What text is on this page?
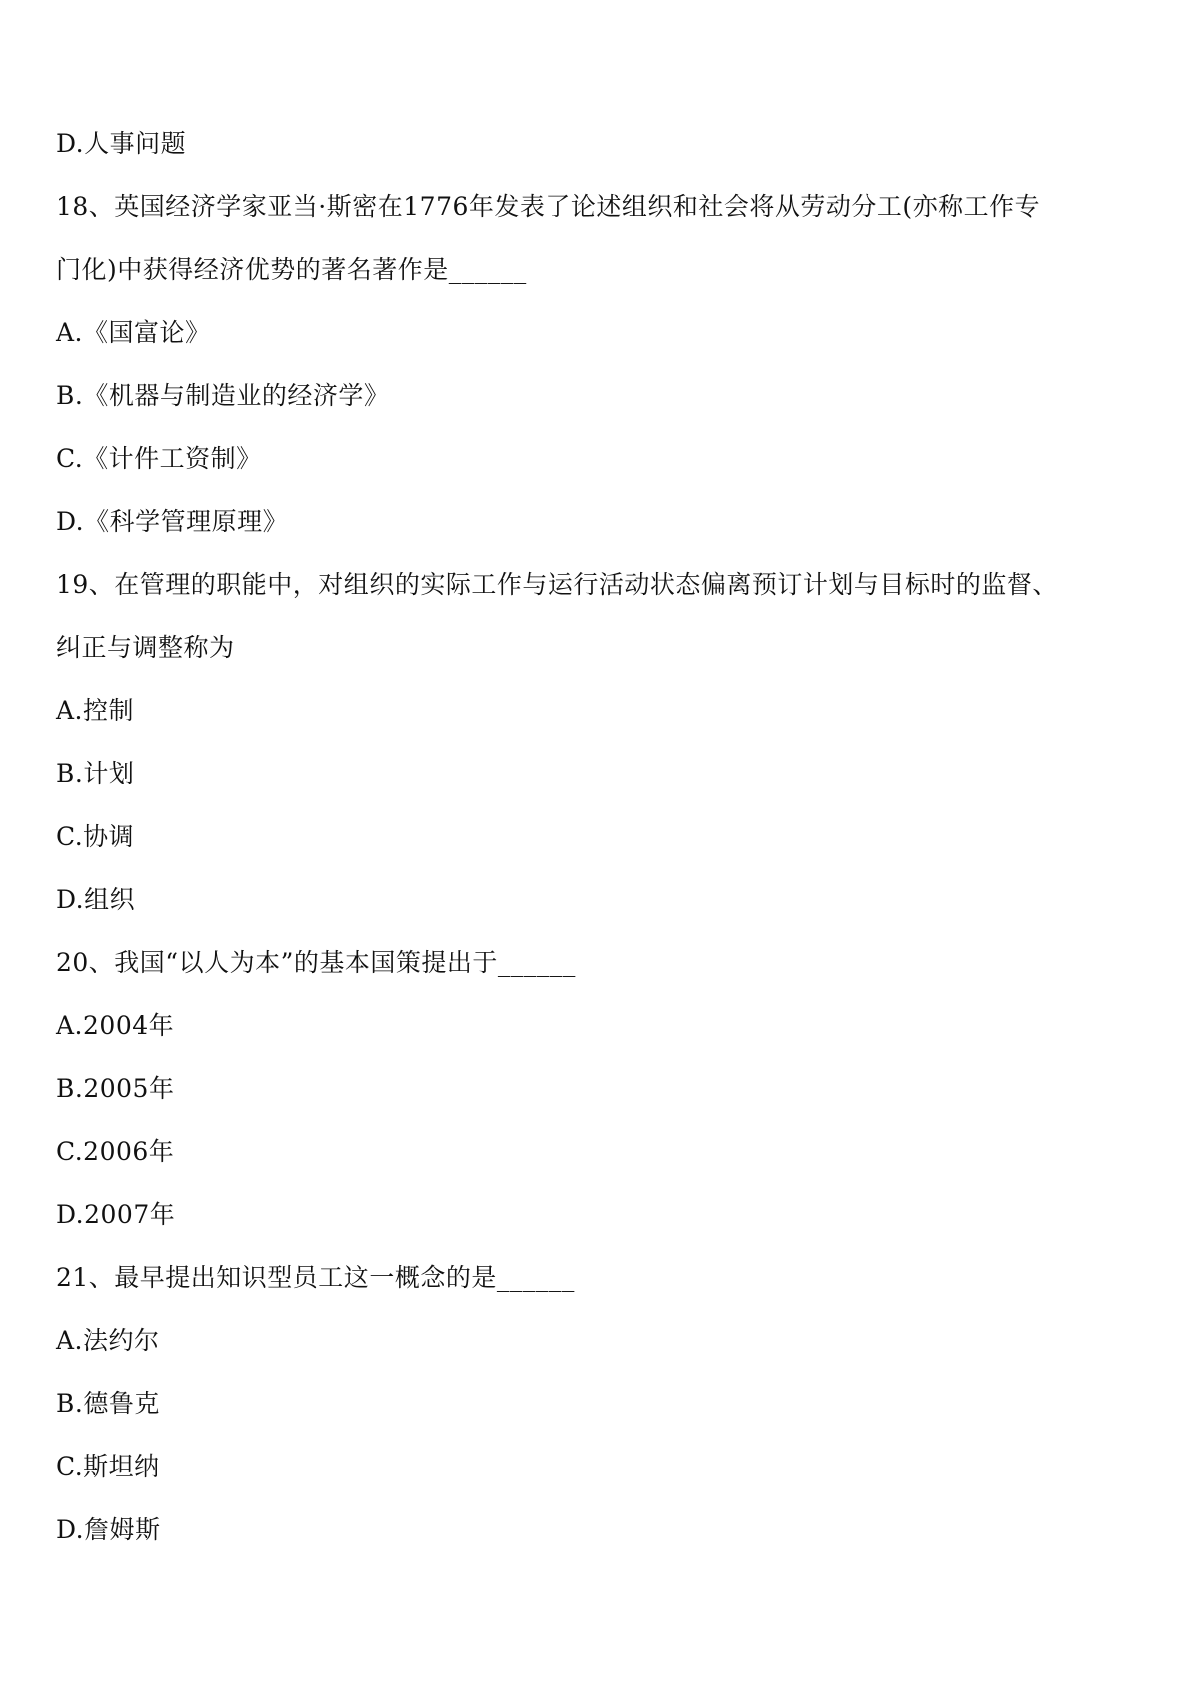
D.人事问题
18、英国经济学家亚当·斯密在1776年发表了论述组织和社会将从劳动分工(亦称工作专
门化)中获得经济优势的著名著作是______
A.《国富论》
B.《机器与制造业的经济学》
C.《计件工资制》
D.《科学管理原理》
19、在管理的职能中，对组织的实际工作与运行活动状态偏离预订计划与目标时的监督、
纠正与调整称为
A.控制
B.计划
C.协调
D.组织
20、我国“以人为本”的基本国策提出于______
A.2004年
B.2005年
C.2006年
D.2007年
21、最早提出知识型员工这一概念的是______
A.法约尔
B.德鲁克
C.斯坦纳
D.詹姆斯
